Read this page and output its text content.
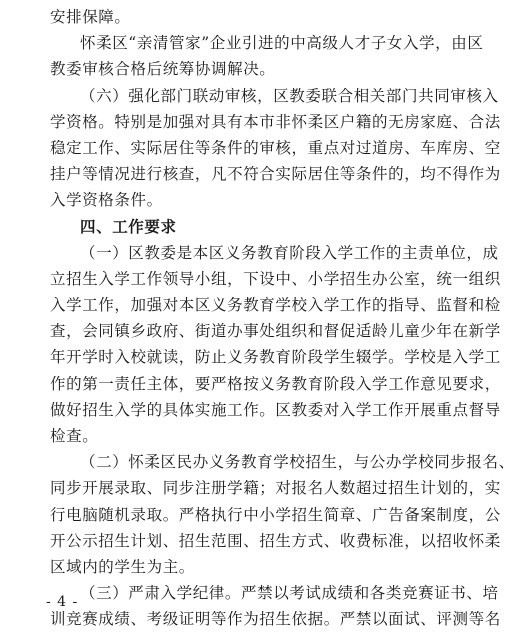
安排保障。
怀柔区“亲清管家”企业引进的中高级人才子女入学，由区
教委审核合格后统筹协调解决。
（六）强化部门联动审核，区教委联合相关部门共同审核入
学资格。特别是加强对具有本市非怀柔区户籍的无房家庭、合法
稳定工作、实际居住等条件的审核，重点对过道房、车库房、空
挂户等情况进行核查，凡不符合实际居住等条件的，均不得作为
入学资格条件。
四、工作要求
（一）区教委是本区义务教育阶段入学工作的主责单位，成
立招生入学工作领导小组，下设中、小学招生办公室，统一组织
入学工作，加强对本区义务教育学校入学工作的指导、监督和检
查，会同镇乡政府、街道办事处组织和督促适龄儿童少年在新学
年开学时入校就读，防止义务教育阶段学生辍学。学校是入学工
作的第一责任主体，要严格按义务教育阶段入学工作意见要求，
做好招生入学的具体实施工作。区教委对入学工作开展重点督导
检查。
（二）怀柔区民办义务教育学校招生，与公办学校同步报名、
同步开展录取、同步注册学籍；对报名人数超过招生计划的，实
行电脑随机录取。严格执行中小学招生简章、广告备案制度，公
开公示招生计划、招生范围、招生方式、收费标准，以招收怀柔
区域内的学生为主。
（三）严肃入学纪律。严禁以考试成绩和各类竞赛证书、培
训竞赛成绩、考级证明等作为招生依据。严禁以面试、评测等名
- 4 -
